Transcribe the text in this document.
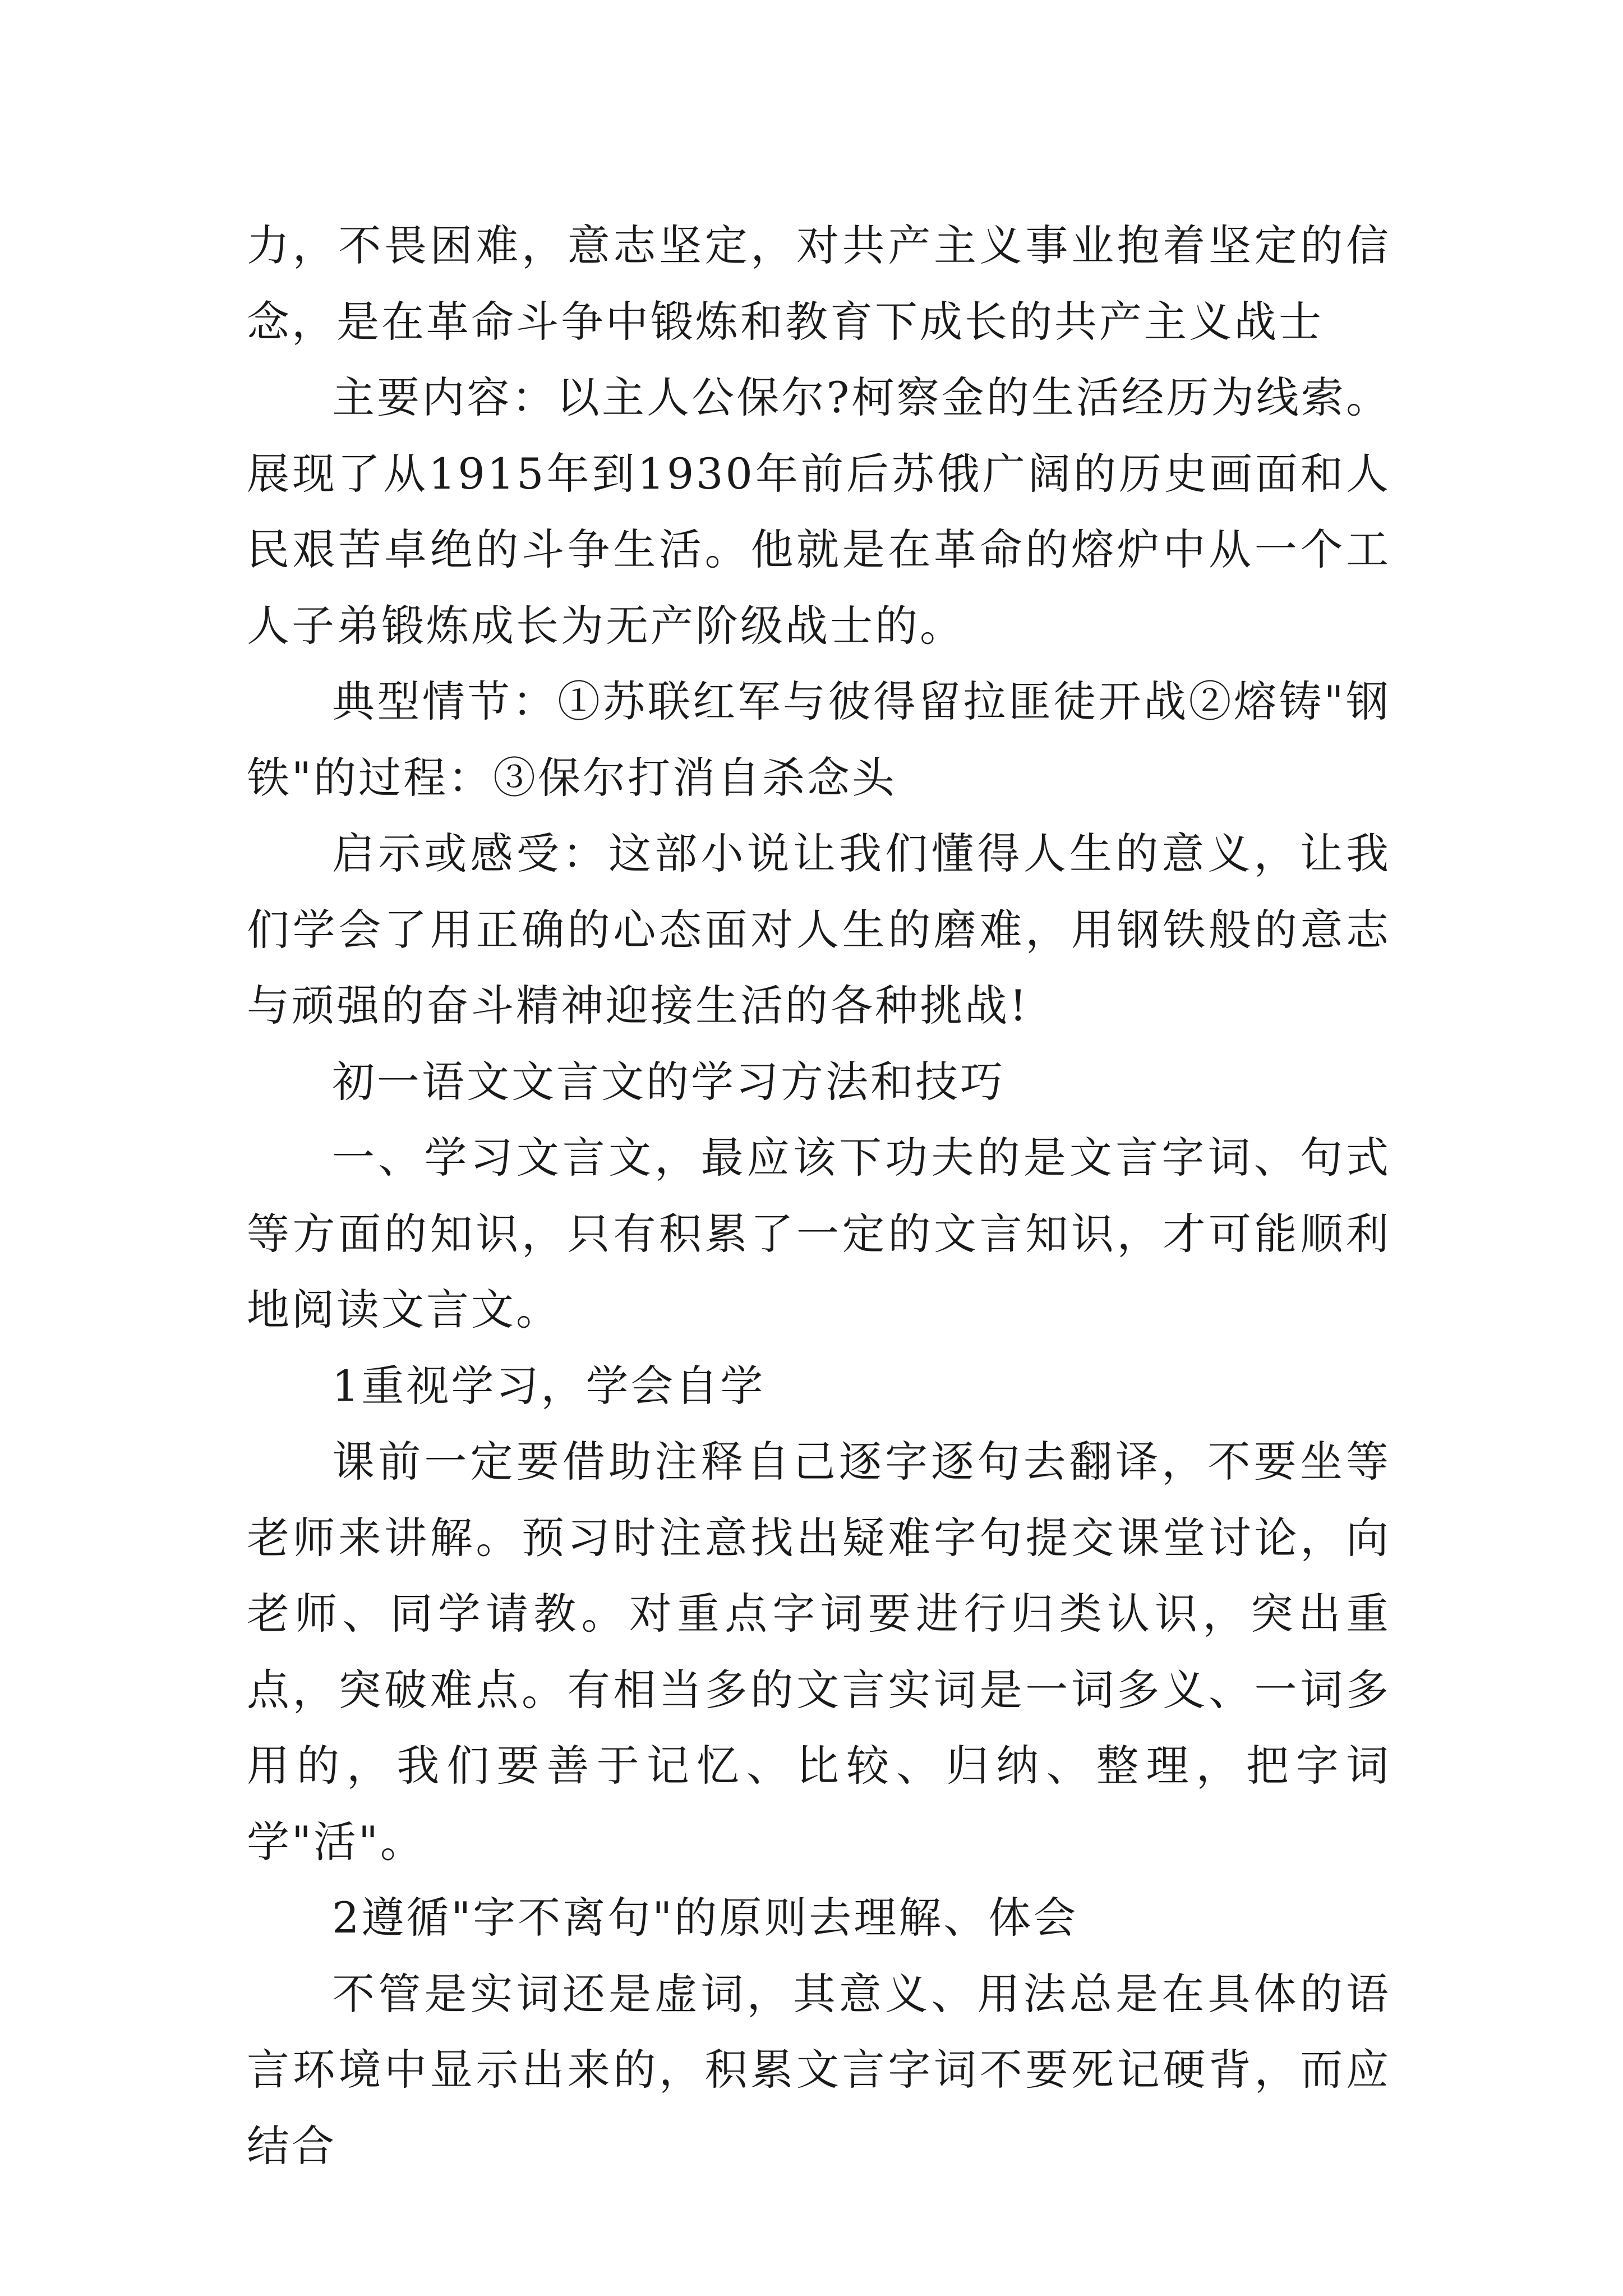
力，不畏困难，意志坚定，对共产主义事业抱着坚定的信念，是在革命斗争中锻炼和教育下成长的共产主义战士

主要内容：以主人公保尔?柯察金的生活经历为线索。展现了从1915年到1930年前后苏俄广阔的历史画面和人民艰苦卓绝的斗争生活。他就是在革命的熔炉中从一个工人子弟锻炼成长为无产阶级战士的。

典型情节：①苏联红军与彼得留拉匪徒开战②熔铸"钢铁"的过程：③保尔打消自杀念头

启示或感受：这部小说让我们懂得人生的意义，让我们学会了用正确的心态面对人生的磨难，用钢铁般的意志与顽强的奋斗精神迎接生活的各种挑战!

初一语文文言文的学习方法和技巧

一、学习文言文，最应该下功夫的是文言字词、句式等方面的知识，只有积累了一定的文言知识，才可能顺利地阅读文言文。

1重视学习，学会自学

课前一定要借助注释自己逐字逐句去翻译，不要坐等老师来讲解。预习时注意找出疑难字句提交课堂讨论，向老师、同学请教。对重点字词要进行归类认识，突出重点，突破难点。有相当多的文言实词是一词多义、一词多用的，我们要善于记忆、比较、归纳、整理，把字词学"活"。

2遵循"字不离句"的原则去理解、体会

不管是实词还是虚词，其意义、用法总是在具体的语言环境中显示出来的，积累文言字词不要死记硬背，而应结合
